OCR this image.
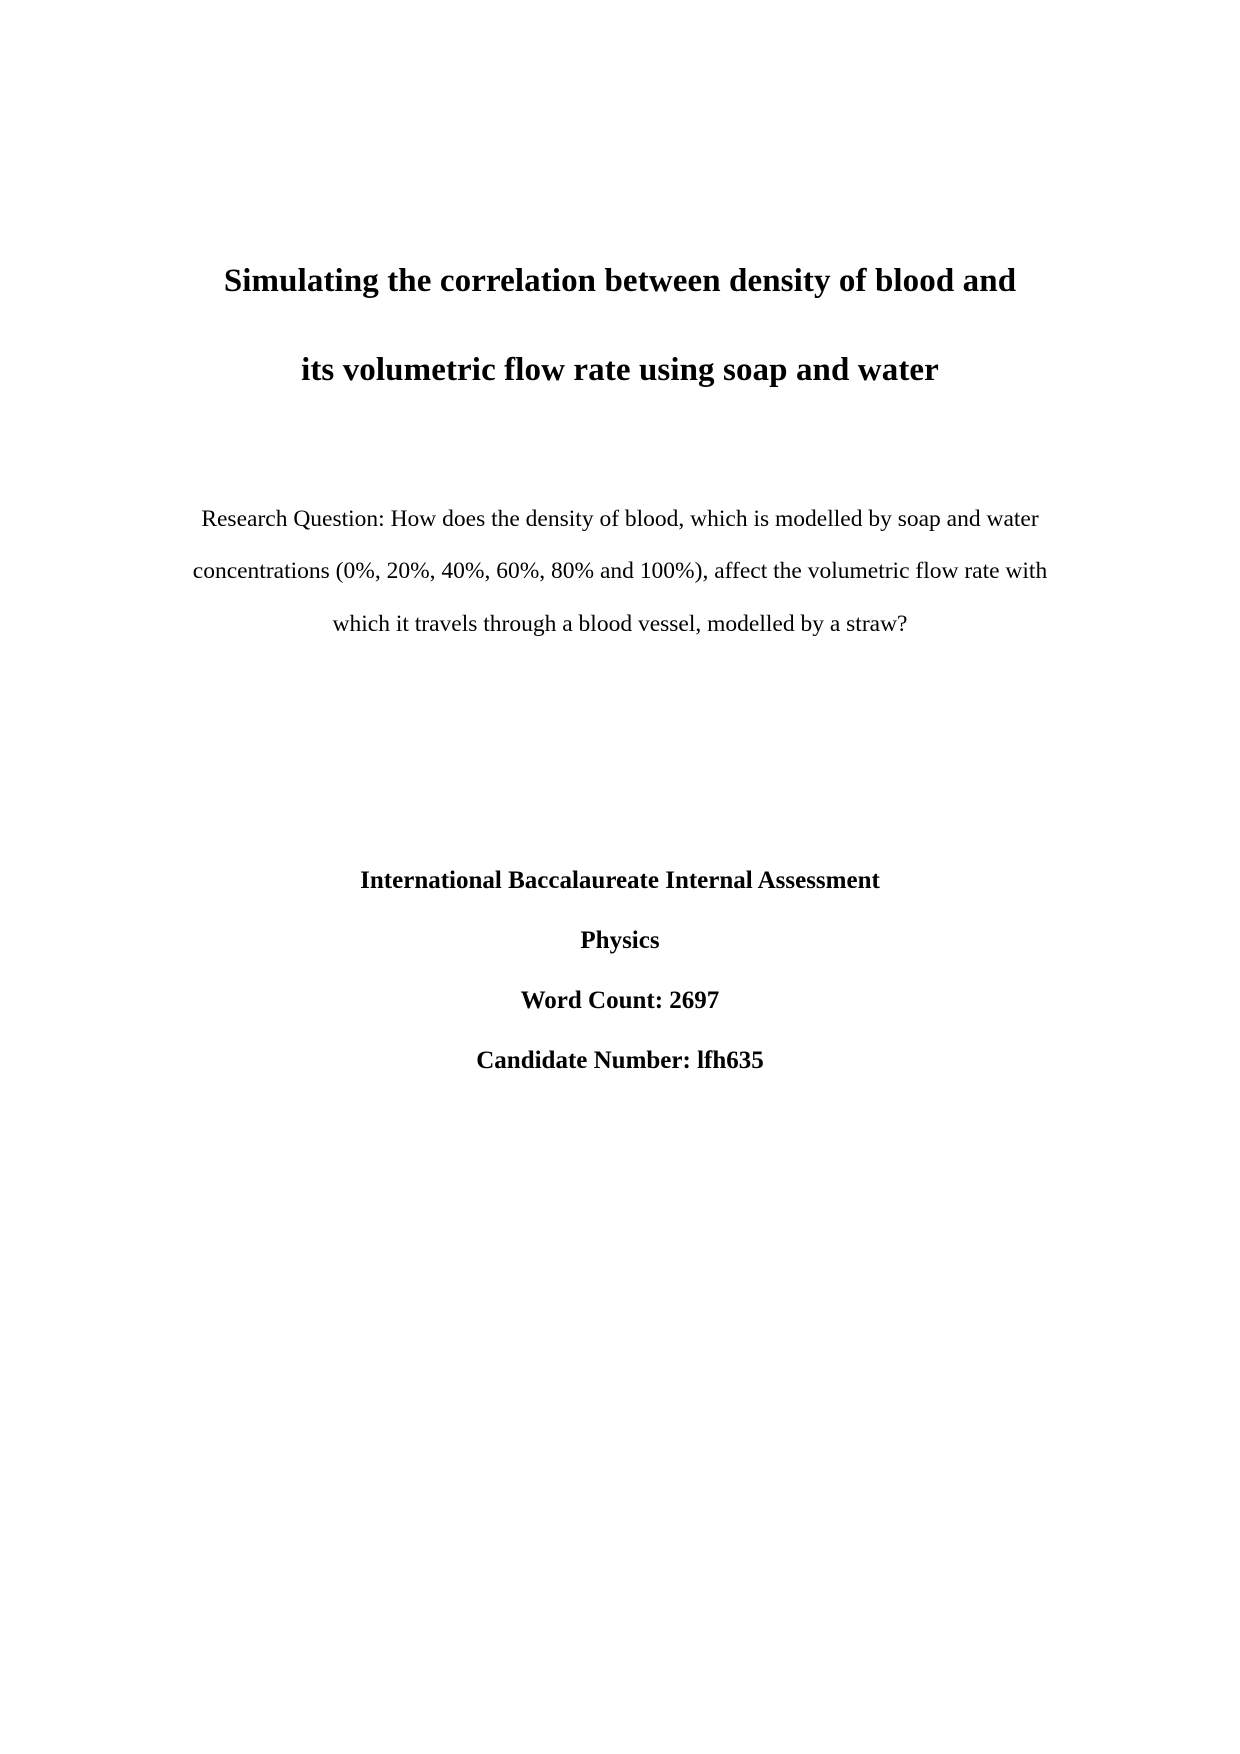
Simulating the correlation between density of blood and
its volumetric flow rate using soap and water

Research Question: How does the density of blood, which is modelled by soap and water
concentrations (0%, 20%, 40%, 60%, 80% and 100%), affect the volumetric flow rate with
which it travels through a blood vessel, modelled by a straw?

International Baccalaureate Internal Assessment
Physics
Word Count: 2697
Candidate Number: lfh635
